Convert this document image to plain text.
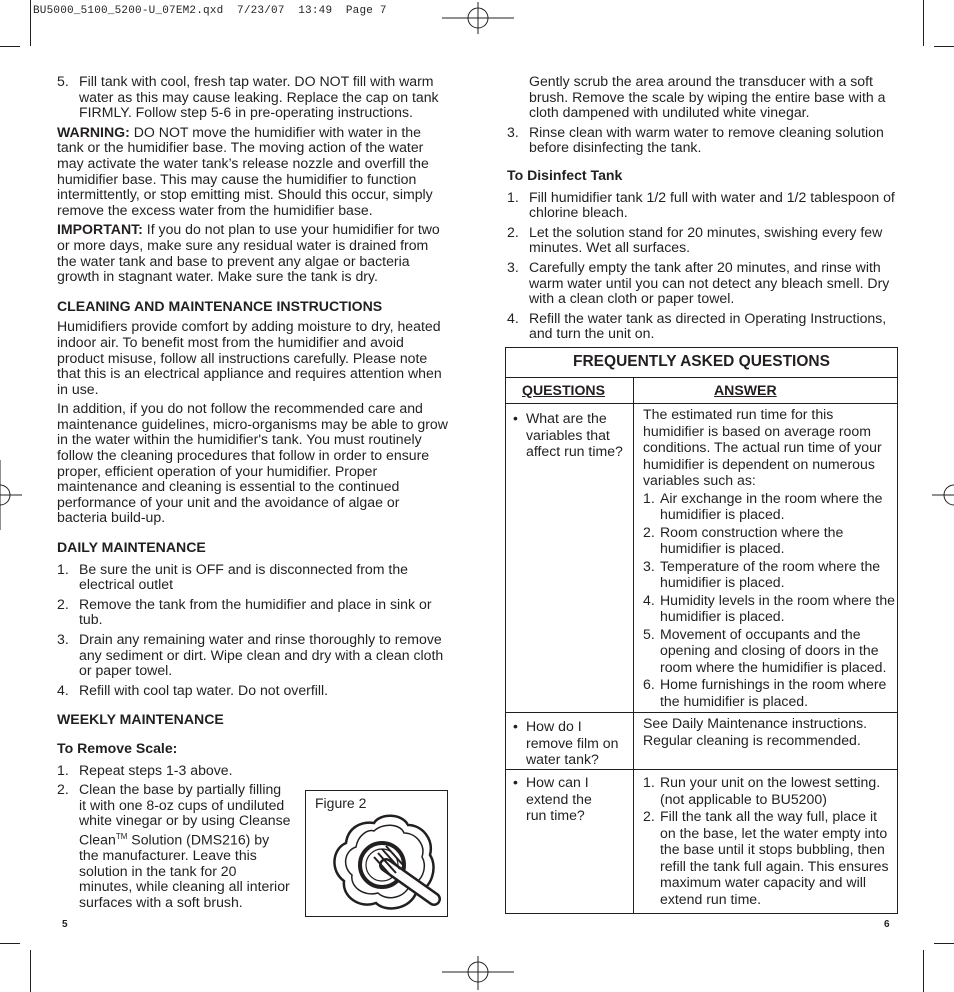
BU5000_5100_5200-U_07EM2.qxd  7/23/07  13:49  Page 7
5. Fill tank with cool, fresh tap water. DO NOT fill with warm water as this may cause leaking. Replace the cap on tank FIRMLY. Follow step 5-6 in pre-operating instructions.

WARNING: DO NOT move the humidifier with water in the tank or the humidifier base. The moving action of the water may activate the water tank’s release nozzle and overfill the humidifier base. This may cause the humidifier to function intermittently, or stop emitting mist. Should this occur, simply remove the excess water from the humidifier base.

IMPORTANT: If you do not plan to use your humidifier for two or more days, make sure any residual water is drained from the water tank and base to prevent any algae or bacteria growth in stagnant water. Make sure the tank is dry.

CLEANING AND MAINTENANCE INSTRUCTIONS

Humidifiers provide comfort by adding moisture to dry, heated indoor air. To benefit most from the humidifier and avoid product misuse, follow all instructions carefully. Please note that this is an electrical appliance and requires attention when in use.

In addition, if you do not follow the recommended care and maintenance guidelines, micro-organisms may be able to grow in the water within the humidifier's tank. You must routinely follow the cleaning procedures that follow in order to ensure proper, efficient operation of your humidifier. Proper maintenance and cleaning is essential to the continued performance of your unit and the avoidance of algae or bacteria build-up.

DAILY MAINTENANCE
1. Be sure the unit is OFF and is disconnected from the electrical outlet
2. Remove the tank from the humidifier and place in sink or tub.
3. Drain any remaining water and rinse thoroughly to remove any sediment or dirt. Wipe clean and dry with a clean cloth or paper towel.
4. Refill with cool tap water. Do not overfill.
WEEKLY MAINTENANCE
To Remove Scale:
1. Repeat steps 1-3 above.
2. Clean the base by partially filling it with one 8-oz cups of undiluted white vinegar or by using Cleanse Clean™ Solution (DMS216) by the manufacturer. Leave this solution in the tank for 20 minutes, while cleaning all interior surfaces with a soft brush.
Figure 2
5

Gently scrub the area around the transducer with a soft brush. Remove the scale by wiping the entire base with a cloth dampened with undiluted white vinegar.

3. Rinse clean with warm water to remove cleaning solution before disinfecting the tank.
To Disinfect Tank
1. Fill humidifier tank 1/2 full with water and 1/2 tablespoon of chlorine bleach.
2. Let the solution stand for 20 minutes, swishing every few minutes. Wet all surfaces.
3. Carefully empty the tank after 20 minutes, and rinse with warm water until you can not detect any bleach smell. Dry with a clean cloth or paper towel.
4. Refill the water tank as directed in Operating Instructions, and turn the unit on.
FREQUENTLY ASKED QUESTIONS
QUESTIONS	ANSWER
• What are the variables that affect run time?
The estimated run time for this humidifier is based on average room conditions. The actual run time of your humidifier is dependent on numerous variables such as:
1. Air exchange in the room where the humidifier is placed.
2. Room construction where the humidifier is placed.
3. Temperature of the room where the humidifier is placed.
4. Humidity levels in the room where the humidifier is placed.
5. Movement of occupants and the opening and closing of doors in the room where the humidifier is placed.
6. Home furnishings in the room where the humidifier is placed.
• How do I remove film on water tank?
See Daily Maintenance instructions. Regular cleaning is recommended.
• How can I extend the run time?
1. Run your unit on the lowest setting. (not applicable to BU5200)
2. Fill the tank all the way full, place it on the base, let the water empty into the base until it stops bubbling, then refill the tank full again. This ensures maximum water capacity and will extend run time.
6
